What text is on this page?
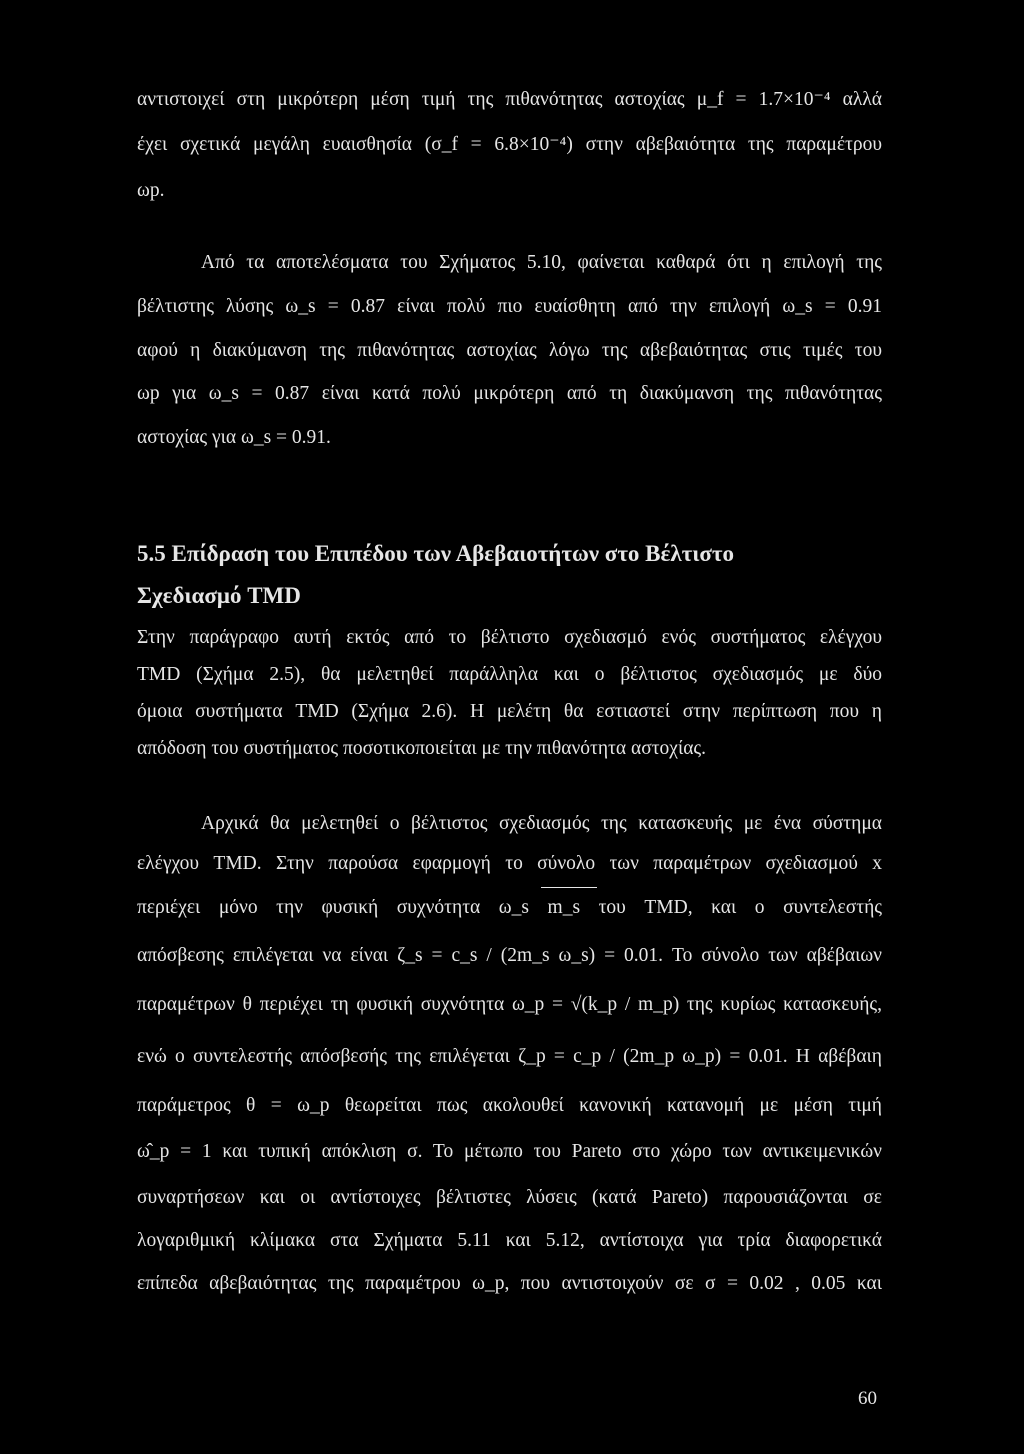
αντιστοιχεί στη μικρότερη μέση τιμή της πιθανότητας αστοχίας μ_f = 1.7×10⁻⁴ αλλά
έχει σχετικά μεγάλη ευαισθησία (σ_f = 6.8×10⁻⁴) στην αβεβαιότητα της παραμέτρου
ωp.
Από τα αποτελέσματα του Σχήματος 5.10, φαίνεται καθαρά ότι η επιλογή της
βέλτιστης λύσης ω_s = 0.87 είναι πολύ πιο ευαίσθητη από την επιλογή ω_s = 0.91
αφού η διακύμανση της πιθανότητας αστοχίας λόγω της αβεβαιότητας στις τιμές του
ωp για ω_s = 0.87 είναι κατά πολύ μικρότερη από τη διακύμανση της πιθανότητας
αστοχίας για ω_s = 0.91.
5.5 Επίδραση του Επιπέδου των Αβεβαιοτήτων στο Βέλτιστο
Σχεδιασμό TMD
Στην παράγραφο αυτή εκτός από το βέλτιστο σχεδιασμό ενός συστήματος ελέγχου
TMD (Σχήμα 2.5), θα μελετηθεί παράλληλα και ο βέλτιστος σχεδιασμός με δύο
όμοια συστήματα TMD (Σχήμα 2.6). Η μελέτη θα εστιαστεί στην περίπτωση που η
απόδοση του συστήματος ποσοτικοποιείται με την πιθανότητα αστοχίας.
Αρχικά θα μελετηθεί ο βέλτιστος σχεδιασμός της κατασκευής με ένα σύστημα
ελέγχου TMD. Στην παρούσα εφαρμογή το σύνολο των παραμέτρων σχεδιασμού x
περιέχει μόνο την φυσική συχνότητα ω_s m_s του TMD, και ο συντελεστής
απόσβεσης επιλέγεται να είναι ζ_s = c_s / (2m_s ω_s) = 0.01. Το σύνολο των αβέβαιων
παραμέτρων θ περιέχει τη φυσική συχνότητα ω_p = √(k_p / m_p) της κυρίως κατασκευής,
ενώ ο συντελεστής απόσβεσής της επιλέγεται ζ_p = c_p / (2m_p ω_p) = 0.01. Η αβέβαιη
παράμετρος θ = ω_p θεωρείται πως ακολουθεί κανονική κατανομή με μέση τιμή
ω̂_p = 1 και τυπική απόκλιση σ. Το μέτωπο του Pareto στο χώρο των αντικειμενικών
συναρτήσεων και οι αντίστοιχες βέλτιστες λύσεις (κατά Pareto) παρουσιάζονται σε
λογαριθμική κλίμακα στα Σχήματα 5.11 και 5.12, αντίστοιχα για τρία διαφορετικά
επίπεδα αβεβαιότητας της παραμέτρου ω_p, που αντιστοιχούν σε σ = 0.02 , 0.05 και
60
